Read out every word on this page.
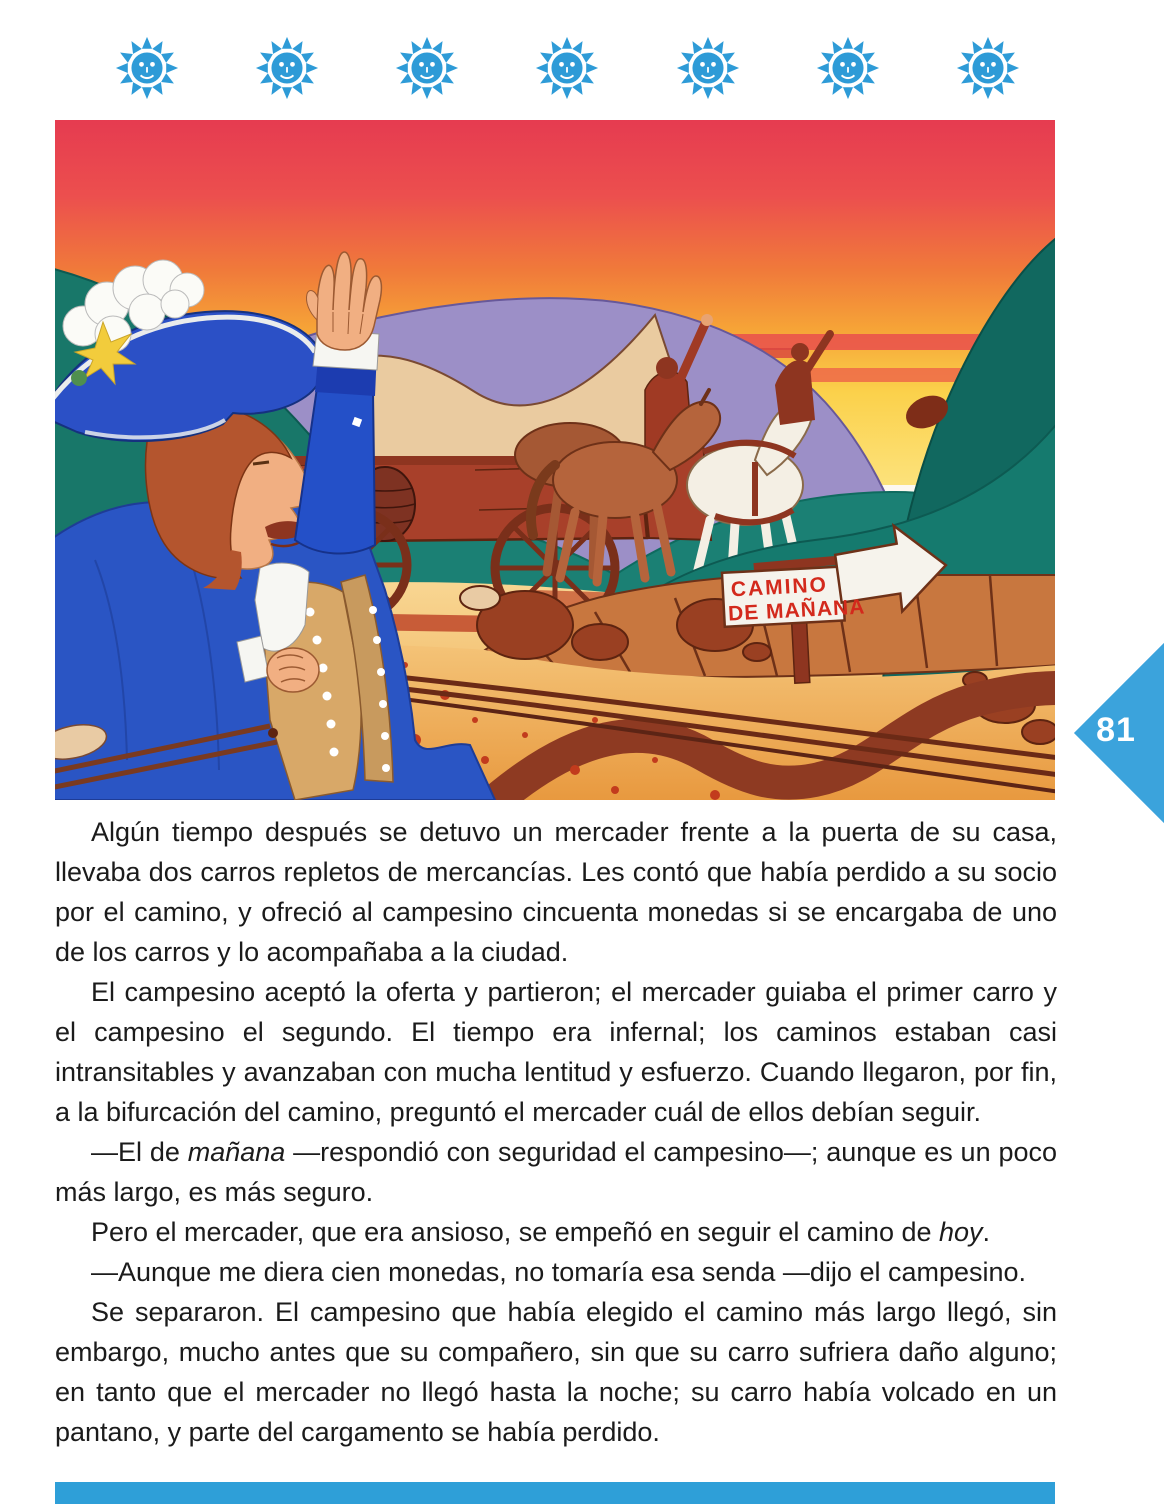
CAMINO
DE MAÑANA
81

Algún tiempo después se detuvo un mercader frente a la puerta de su casa, llevaba dos carros repletos de mercancías. Les contó que había perdido a su socio por el camino, y ofreció al campesino cincuenta monedas si se encargaba de uno de los carros y lo acompañaba a la ciudad.

El campesino aceptó la oferta y partieron; el mercader guiaba el primer carro y el campesino el segundo. El tiempo era infernal; los caminos estaban casi intransitables y avanzaban con mucha lentitud y esfuerzo. Cuando llegaron, por fin, a la bifurcación del camino, preguntó el mercader cuál de ellos debían seguir.

—El de mañana —respondió con seguridad el campesino—; aunque es un poco más largo, es más seguro.

Pero el mercader, que era ansioso, se empeñó en seguir el camino de hoy.

—Aunque me diera cien monedas, no tomaría esa senda —dijo el campesino.

Se separaron. El campesino que había elegido el camino más largo llegó, sin embargo, mucho antes que su compañero, sin que su carro sufriera daño alguno; en tanto que el mercader no llegó hasta la noche; su carro había volcado en un pantano, y parte del cargamento se había perdido.
